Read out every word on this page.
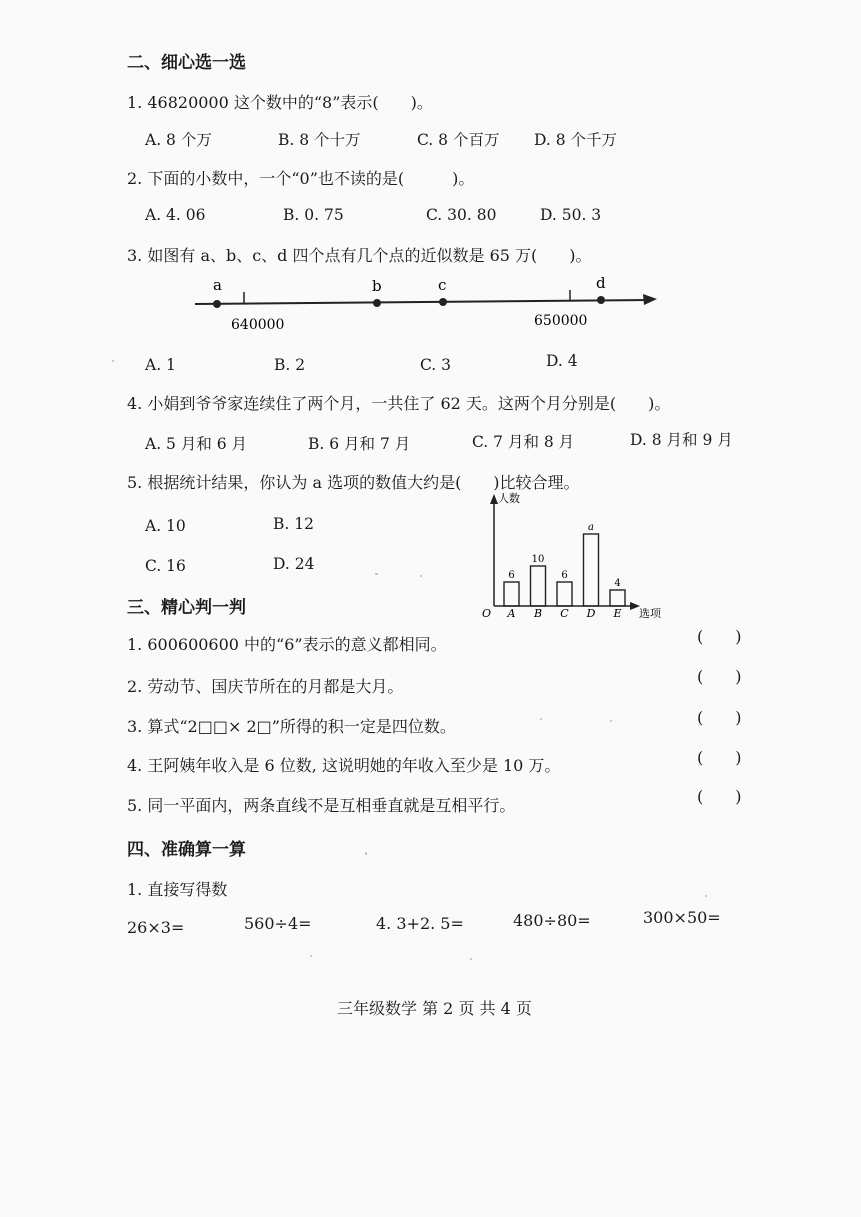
二、细心选一选
1. 46820000 这个数中的“8”表示(　　)。
A. 8 个万	B. 8 个十万	C. 8 个百万 D. 8 个千万
2. 下面的小数中，一个“0”也不读的是(　　　)。
A. 4. 06	B. 0. 75	C. 30. 80	D. 50. 3
3. 如图有 a、b、c、d 四个点有几个点的近似数是 65 万(　　)。
a	b	c	d
640000	650000
A. 1	B. 2	C. 3	D. 4
4. 小娟到爷爷家连续住了两个月，一共住了 62 天。这两个月分别是(　　)。
A. 5 月和 6 月	B. 6 月和 7 月	C. 7 月和 8 月	D. 8 月和 9 月
5. 根据统计结果，你认为 a 选项的数值大约是(　　)比较合理。
A. 10	B. 12
C. 16	D. 24
人数
选项
O
6
A
10
B
6
C
a
D
4
E
三、精心判一判
1. 600600600 中的“6”表示的意义都相同。	(　　)
2. 劳动节、国庆节所在的月都是大月。
(　　)
3. 算式“2□□× 2□”所得的积一定是四位数。	(　　)
4. 王阿姨年收入是 6 位数, 这说明她的年收入至少是 10 万。	(　　)
5. 同一平面内，两条直线不是互相垂直就是互相平行。	(　　)
四、准确算一算
1. 直接写得数
26×3=	560÷4=	4. 3+2. 5=	480÷80=	300×50=
三年级数学 第 2 页 共 4 页
